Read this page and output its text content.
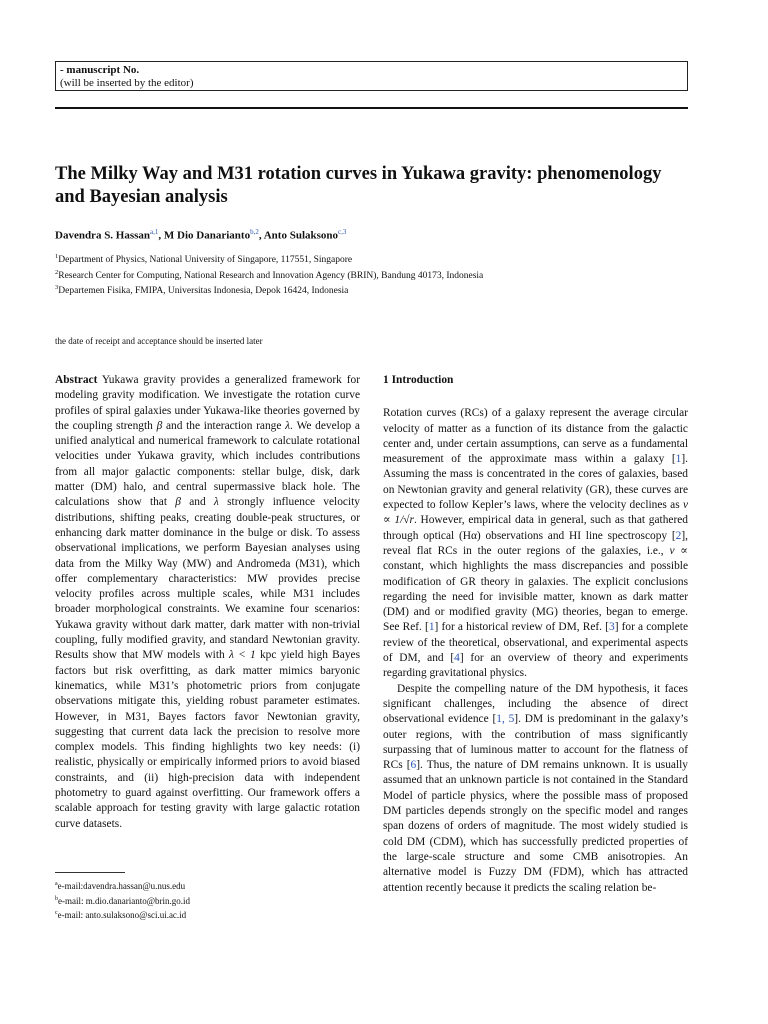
- manuscript No.
(will be inserted by the editor)
The Milky Way and M31 rotation curves in Yukawa gravity: phenomenology and Bayesian analysis
Davendra S. Hassan$^{a,1}$, M Dio Danarianto$^{b,2}$, Anto Sulaksono$^{c,3}$
$^1$Department of Physics, National University of Singapore, 117551, Singapore
$^2$Research Center for Computing, National Research and Innovation Agency (BRIN), Bandung 40173, Indonesia
$^3$Departemen Fisika, FMIPA, Universitas Indonesia, Depok 16424, Indonesia
the date of receipt and acceptance should be inserted later

Abstract Yukawa gravity provides a generalized framework for modeling gravity modification. We investigate the rotation curve profiles of spiral galaxies under Yukawa-like theories governed by the coupling strength β and the interaction range λ. We develop a unified analytical and numerical framework to calculate rotational velocities under Yukawa gravity, which includes contributions from all major galactic components: stellar bulge, disk, dark matter (DM) halo, and central supermassive black hole. The calculations show that β and λ strongly influence velocity distributions, shifting peaks, creating double-peak structures, or enhancing dark matter dominance in the bulge or disk. To assess observational implications, we perform Bayesian analyses using data from the Milky Way (MW) and Andromeda (M31), which offer complementary characteristics: MW provides precise velocity profiles across multiple scales, while M31 includes broader morphological constraints. We examine four scenarios: Yukawa gravity without dark matter, dark matter with non-trivial coupling, fully modified gravity, and standard Newtonian gravity. Results show that MW models with λ < 1 kpc yield high Bayes factors but risk overfitting, as dark matter mimics baryonic kinematics, while M31’s photometric priors from conjugate observations mitigate this, yielding robust parameter estimates. However, in M31, Bayes factors favor Newtonian gravity, suggesting that current data lack the precision to resolve more complex models. This finding highlights two key needs: (i) realistic, physically or empirically informed priors to avoid biased constraints, and (ii) high-precision data with independent photometry to guard against overfitting. Our framework offers a scalable approach for testing gravity with large galactic rotation curve datasets.

$^a$e-mail:davendra.hassan@u.nus.edu
$^b$e-mail: m.dio.danarianto@brin.go.id
$^c$e-mail: anto.sulaksono@sci.ui.ac.id

1 Introduction

Rotation curves (RCs) of a galaxy represent the average circular velocity of matter as a function of its distance from the galactic center and, under certain assumptions, can serve as a fundamental measurement of the approximate mass within a galaxy [1]. Assuming the mass is concentrated in the cores of galaxies, based on Newtonian gravity and general relativity (GR), these curves are expected to follow Kepler’s laws, where the velocity declines as v ∝ 1/√r. However, empirical data in general, such as that gathered through optical (Hα) observations and HI line spectroscopy [2], reveal flat RCs in the outer regions of the galaxies, i.e., v ∝ constant, which highlights the mass discrepancies and possible modification of GR theory in galaxies. The explicit conclusions regarding the need for invisible matter, known as dark matter (DM) and or modified gravity (MG) theories, began to emerge. See Ref. [1] for a historical review of DM, Ref. [3] for a complete review of the theoretical, observational, and experimental aspects of DM, and [4] for an overview of theory and experiments regarding gravitational physics.

Despite the compelling nature of the DM hypothesis, it faces significant challenges, including the absence of direct observational evidence [1, 5]. DM is predominant in the galaxy’s outer regions, with the contribution of mass significantly surpassing that of luminous matter to account for the flatness of RCs [6]. Thus, the nature of DM remains unknown. It is usually assumed that an unknown particle is not contained in the Standard Model of particle physics, where the possible mass of proposed DM particles depends strongly on the specific model and ranges span dozens of orders of magnitude. The most widely studied is cold DM (CDM), which has successfully predicted properties of the large-scale structure and some CMB anisotropies. An alternative model is Fuzzy DM (FDM), which has attracted attention recently because it predicts the scaling relation be-
